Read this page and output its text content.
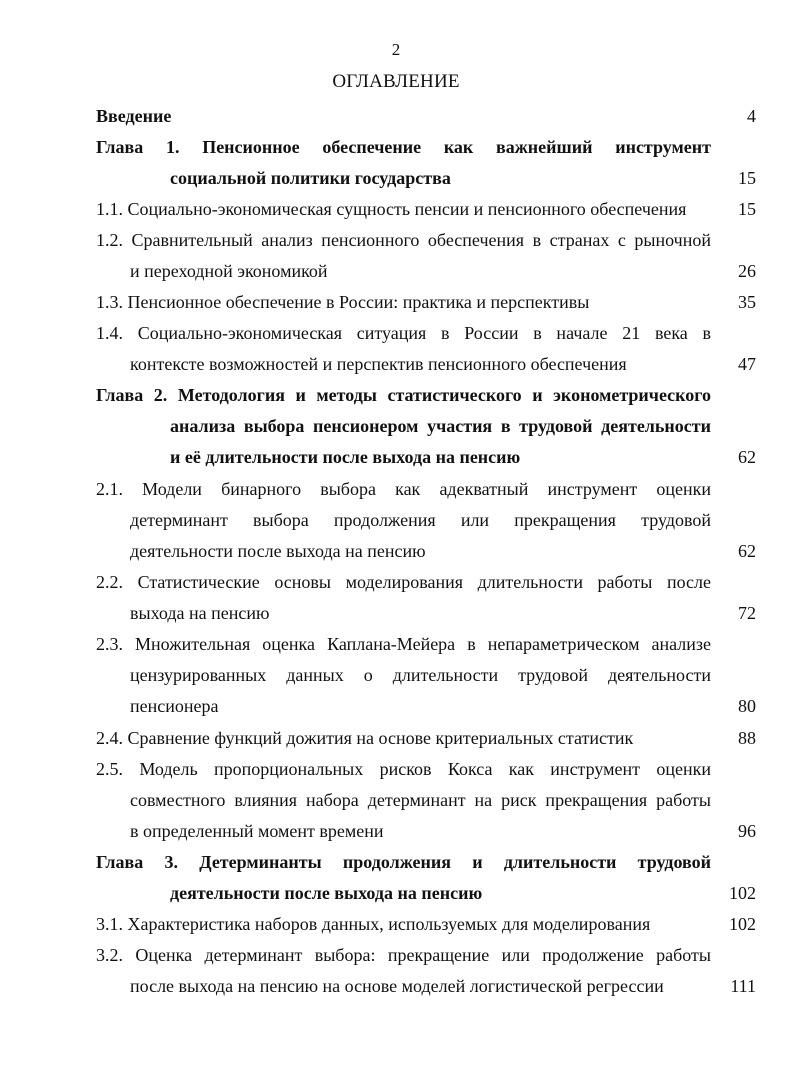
2
ОГЛАВЛЕНИЕ
Введение	4
Глава 1. Пенсионное обеспечение как важнейший инструмент
социальной политики государства	15
1.1. Социально-экономическая сущность пенсии и пенсионного обеспечения	15
1.2. Сравнительный анализ пенсионного обеспечения в странах с рыночной
и переходной экономикой	26
1.3. Пенсионное обеспечение в России: практика и перспективы	35
1.4. Социально-экономическая ситуация в России в начале 21 века в
контексте возможностей и перспектив пенсионного обеспечения	47
Глава 2. Методология и методы статистического и эконометрического
анализа выбора пенсионером участия в трудовой деятельности
и её длительности после выхода на пенсию	62
2.1. Модели бинарного выбора как адекватный инструмент оценки
детерминант выбора продолжения или прекращения трудовой
деятельности после выхода на пенсию	62
2.2. Статистические основы моделирования длительности работы после
выхода на пенсию	72
2.3. Множительная оценка Каплана-Мейера в непараметрическом анализе
цензурированных данных о длительности трудовой деятельности
пенсионера	80
2.4. Сравнение функций дожития на основе критериальных статистик	88
2.5. Модель пропорциональных рисков Кокса как инструмент оценки
совместного влияния набора детерминант на риск прекращения работы
в определенный момент времени	96
Глава 3. Детерминанты продолжения и длительности трудовой
деятельности после выхода на пенсию	102
3.1. Характеристика наборов данных, используемых для моделирования	102
3.2. Оценка детерминант выбора: прекращение или продолжение работы
после выхода на пенсию на основе моделей логистической регрессии	111
